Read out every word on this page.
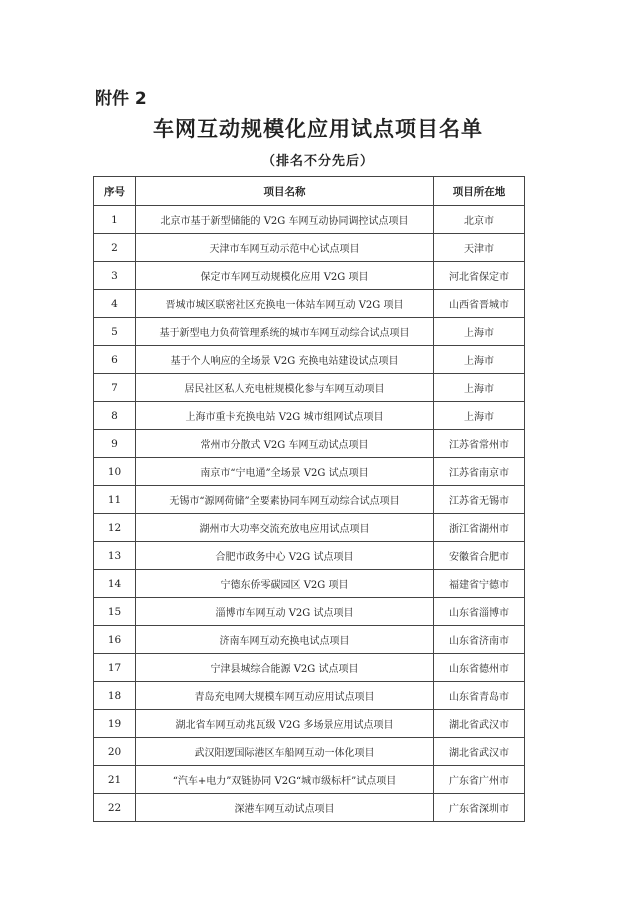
附件 2
车网互动规模化应用试点项目名单
（排名不分先后）
序号	项目名称	项目所在地
1	北京市基于新型储能的 V2G 车网互动协同调控试点项目	北京市
2	天津市车网互动示范中心试点项目	天津市
3	保定市车网互动规模化应用 V2G 项目	河北省保定市
4	晋城市城区联密社区充换电一体站车网互动 V2G 项目	山西省晋城市
5	基于新型电力负荷管理系统的城市车网互动综合试点项目	上海市
6	基于个人响应的全场景 V2G 充换电站建设试点项目	上海市
7	居民社区私人充电桩规模化参与车网互动项目	上海市
8	上海市重卡充换电站 V2G 城市组网试点项目	上海市
9	常州市分散式 V2G 车网互动试点项目	江苏省常州市
10	南京市“宁电通”全场景 V2G 试点项目	江苏省南京市
11	无锡市“源网荷储”全要素协同车网互动综合试点项目	江苏省无锡市
12	湖州市大功率交流充放电应用试点项目	浙江省湖州市
13	合肥市政务中心 V2G 试点项目	安徽省合肥市
14	宁德东侨零碳园区 V2G 项目	福建省宁德市
15	淄博市车网互动 V2G 试点项目	山东省淄博市
16	济南车网互动充换电试点项目	山东省济南市
17	宁津县城综合能源 V2G 试点项目	山东省德州市
18	青岛充电网大规模车网互动应用试点项目	山东省青岛市
19	湖北省车网互动兆瓦级 V2G 多场景应用试点项目	湖北省武汉市
20	武汉阳逻国际港区车船网互动一体化项目	湖北省武汉市
21	“汽车+电力”双链协同 V2G“城市级标杆”试点项目	广东省广州市
22	深港车网互动试点项目	广东省深圳市
